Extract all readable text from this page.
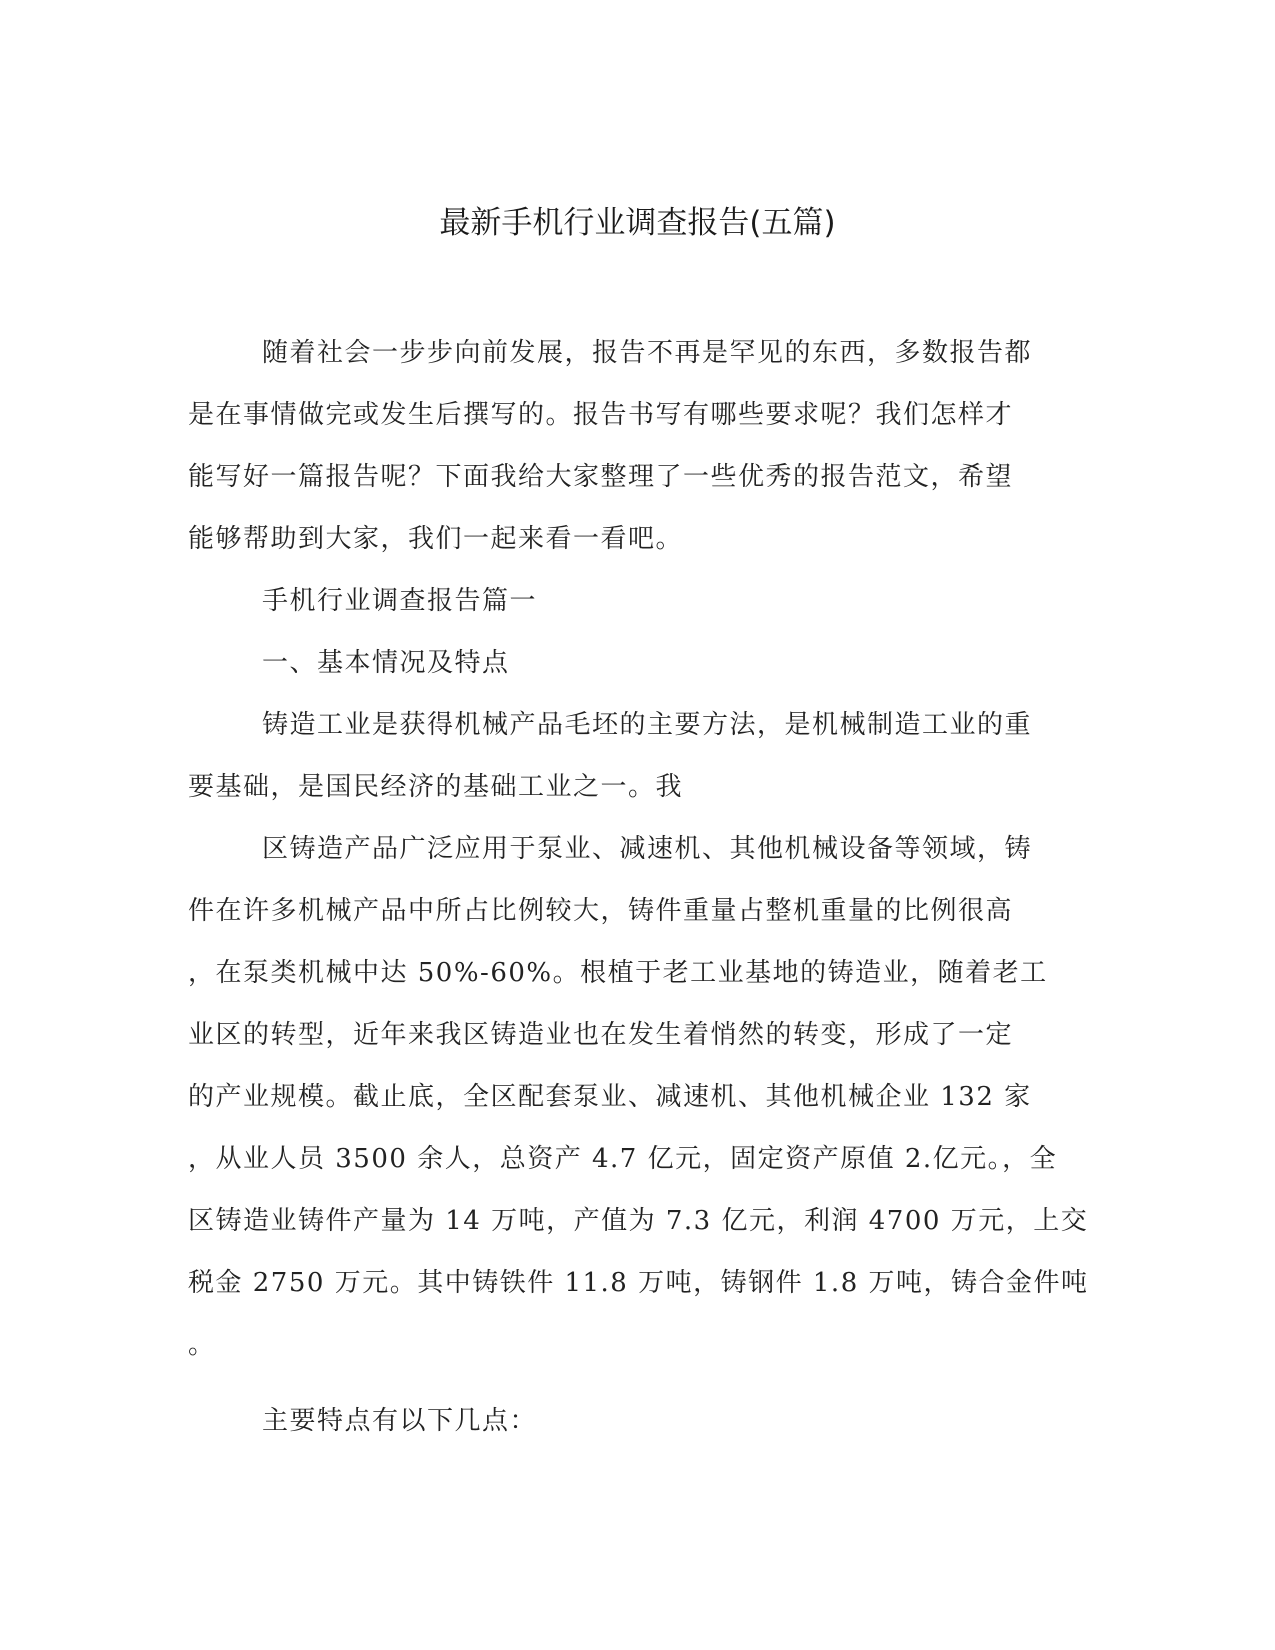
最新手机行业调查报告(五篇)
随着社会一步步向前发展，报告不再是罕见的东西，多数报告都
是在事情做完或发生后撰写的。报告书写有哪些要求呢？我们怎样才
能写好一篇报告呢？下面我给大家整理了一些优秀的报告范文，希望
能够帮助到大家，我们一起来看一看吧。
手机行业调查报告篇一
一、基本情况及特点
铸造工业是获得机械产品毛坯的主要方法，是机械制造工业的重
要基础，是国民经济的基础工业之一。我
区铸造产品广泛应用于泵业、减速机、其他机械设备等领域，铸
件在许多机械产品中所占比例较大，铸件重量占整机重量的比例很高
，在泵类机械中达 50%-60%。根植于老工业基地的铸造业，随着老工
业区的转型，近年来我区铸造业也在发生着悄然的转变，形成了一定
的产业规模。截止底，全区配套泵业、减速机、其他机械企业 132 家
，从业人员 3500 余人，总资产 4.7 亿元，固定资产原值 2.亿元。，全
区铸造业铸件产量为 14 万吨，产值为 7.3 亿元，利润 4700 万元，上交
税金 2750 万元。其中铸铁件 11.8 万吨，铸钢件 1.8 万吨，铸合金件吨
。
主要特点有以下几点：
